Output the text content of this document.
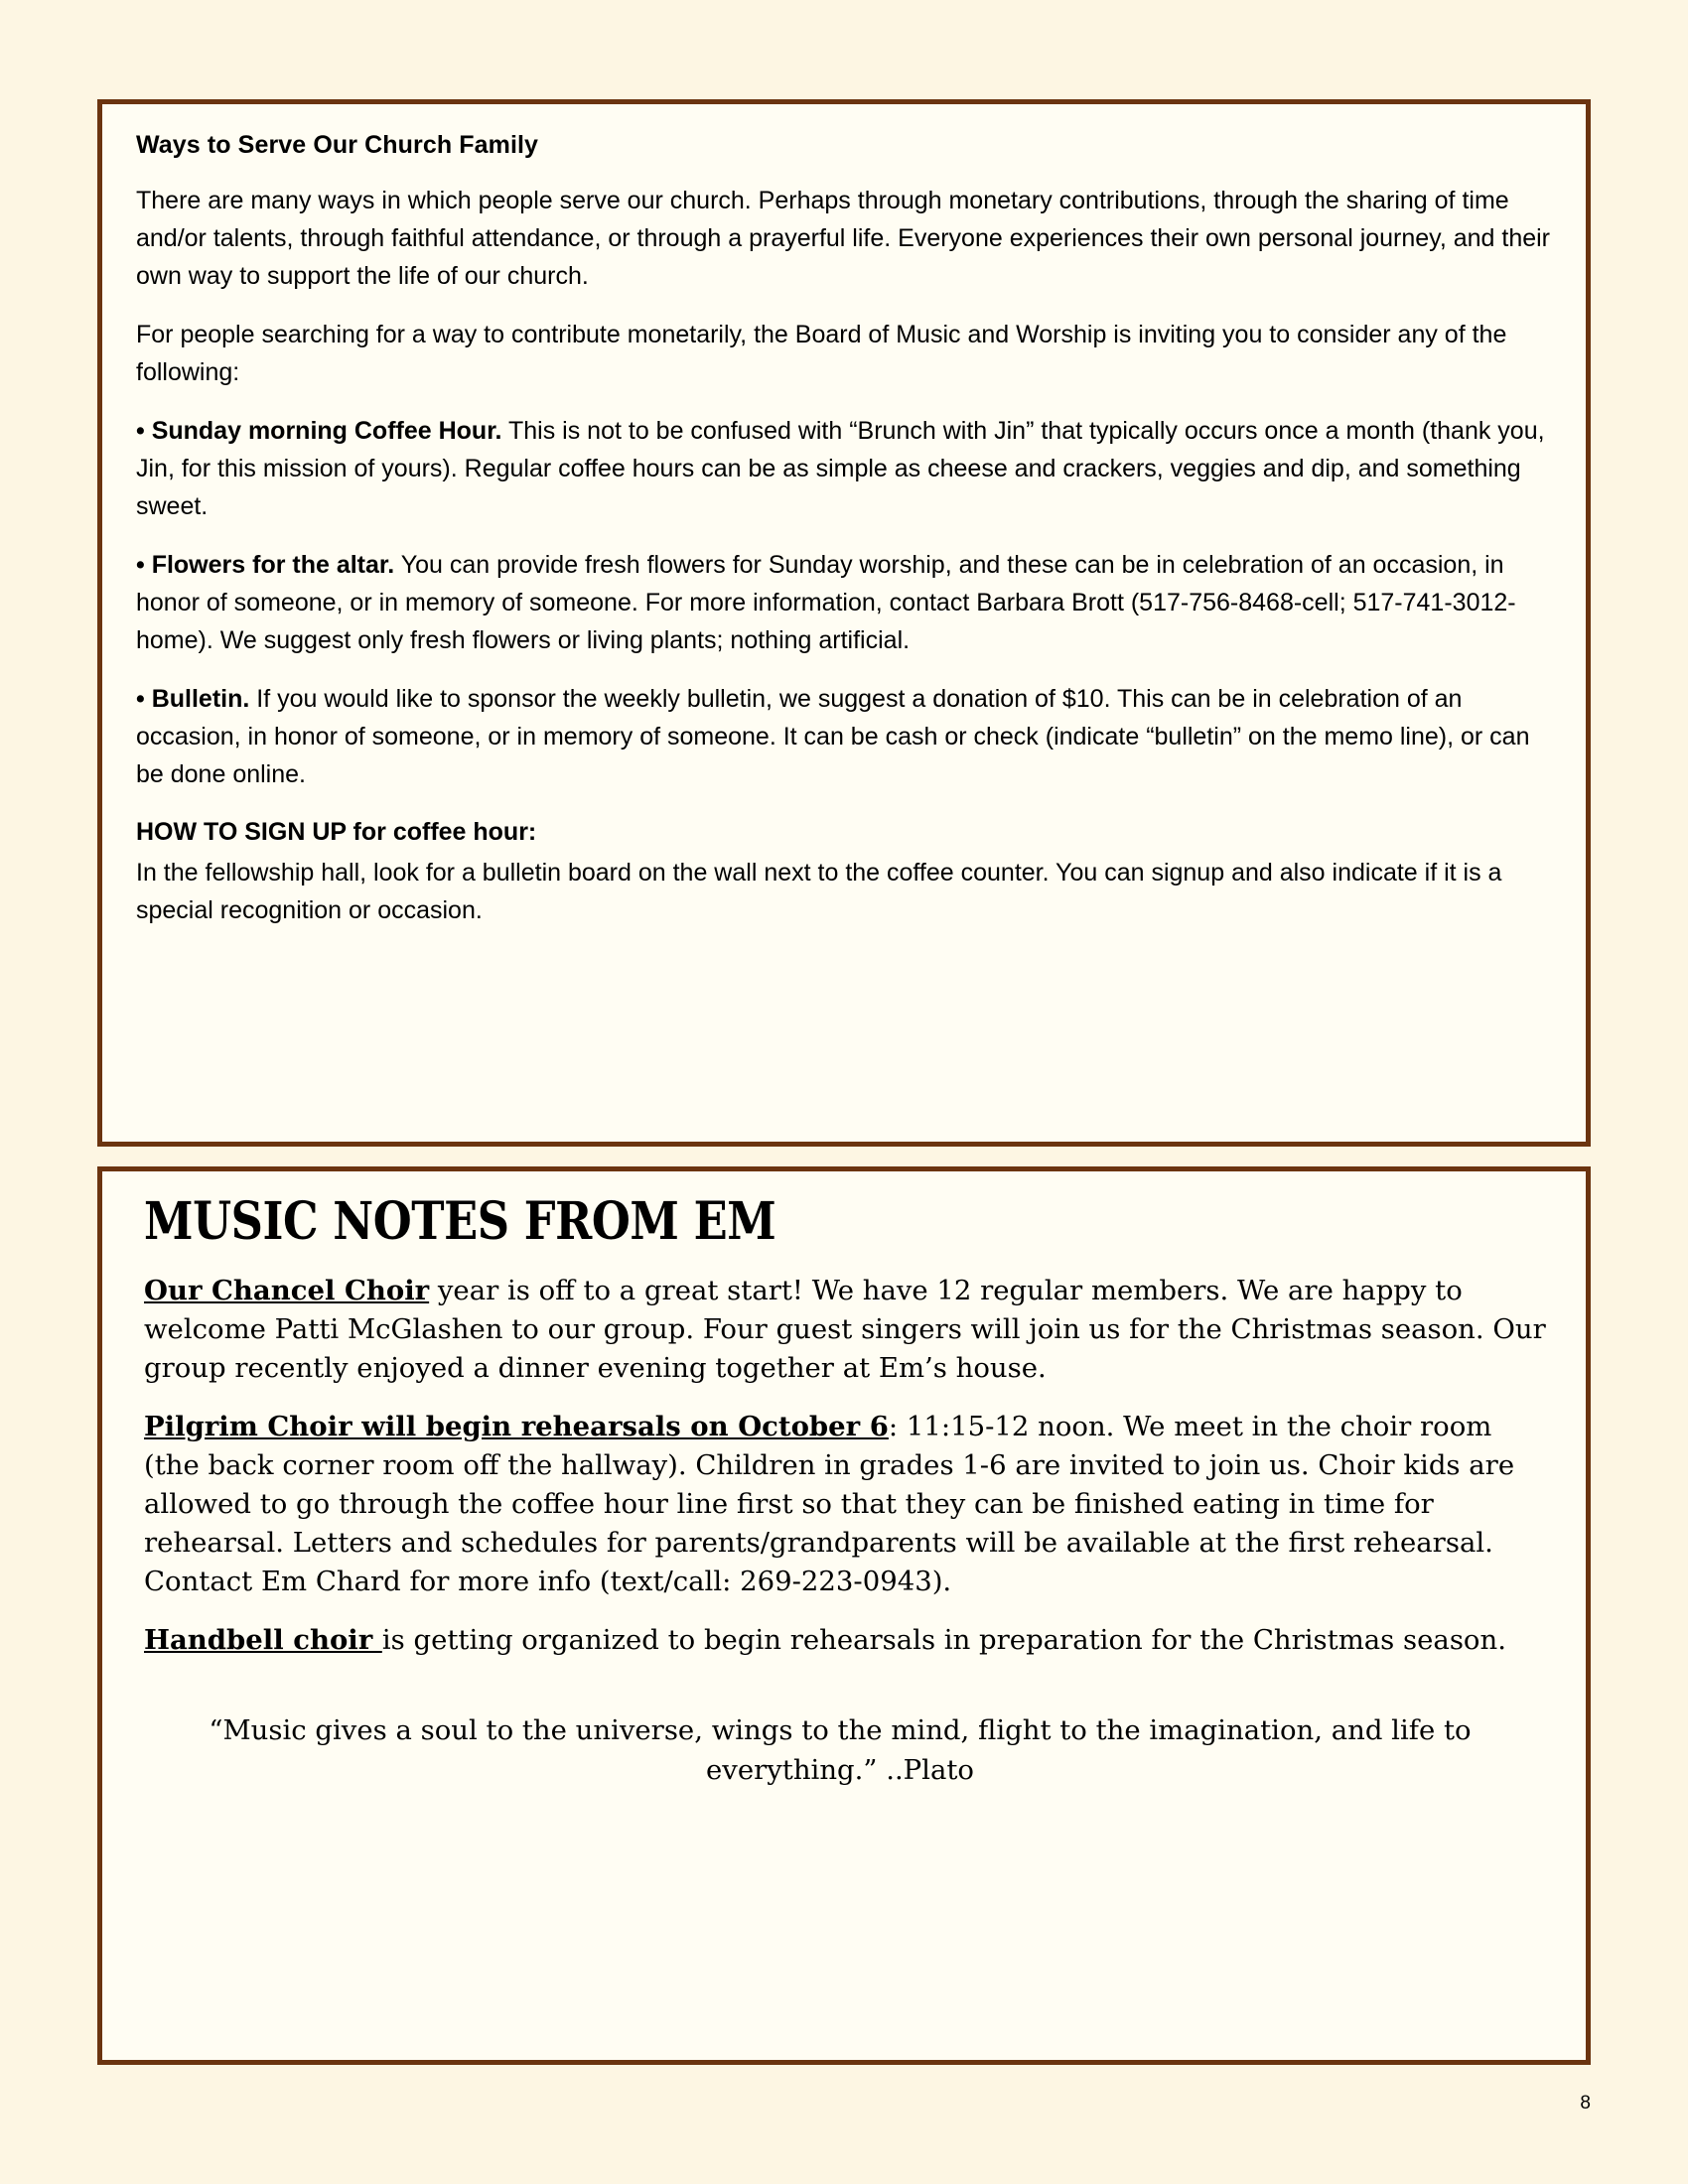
Ways to Serve Our Church Family

There are many ways in which people serve our church. Perhaps through monetary contributions, through the sharing of time and/or talents, through faithful attendance, or through a prayerful life. Everyone experiences their own personal journey, and their own way to support the life of our church.

For people searching for a way to contribute monetarily, the Board of Music and Worship is inviting you to consider any of the following:

• Sunday morning Coffee Hour. This is not to be confused with “Brunch with Jin” that typically occurs once a month (thank you, Jin, for this mission of yours). Regular coffee hours can be as simple as cheese and crackers, veggies and dip, and something sweet.

• Flowers for the altar. You can provide fresh flowers for Sunday worship, and these can be in celebration of an occasion, in honor of someone, or in memory of someone. For more information, contact Barbara Brott (517-756-8468-cell; 517-741-3012-home). We suggest only fresh flowers or living plants; nothing artificial.

• Bulletin. If you would like to sponsor the weekly bulletin, we suggest a donation of $10. This can be in celebration of an occasion, in honor of someone, or in memory of someone. It can be cash or check (indicate “bulletin” on the memo line), or can be done online.

HOW TO SIGN UP for coffee hour:

In the fellowship hall, look for a bulletin board on the wall next to the coffee counter. You can signup and also indicate if it is a special recognition or occasion.

MUSIC NOTES FROM EM

Our Chancel Choir year is off to a great start! We have 12 regular members. We are happy to welcome Patti McGlashen to our group. Four guest singers will join us for the Christmas season. Our group recently enjoyed a dinner evening together at Em’s house.

Pilgrim Choir will begin rehearsals on October 6: 11:15-12 noon. We meet in the choir room (the back corner room off the hallway). Children in grades 1-6 are invited to join us. Choir kids are allowed to go through the coffee hour line first so that they can be finished eating in time for rehearsal. Letters and schedules for parents/grandparents will be available at the first rehearsal. Contact Em Chard for more info (text/call: 269-223-0943).

Handbell choir is getting organized to begin rehearsals in preparation for the Christmas season.

“Music gives a soul to the universe, wings to the mind, flight to the imagination, and life to everything.” ..Plato
8
